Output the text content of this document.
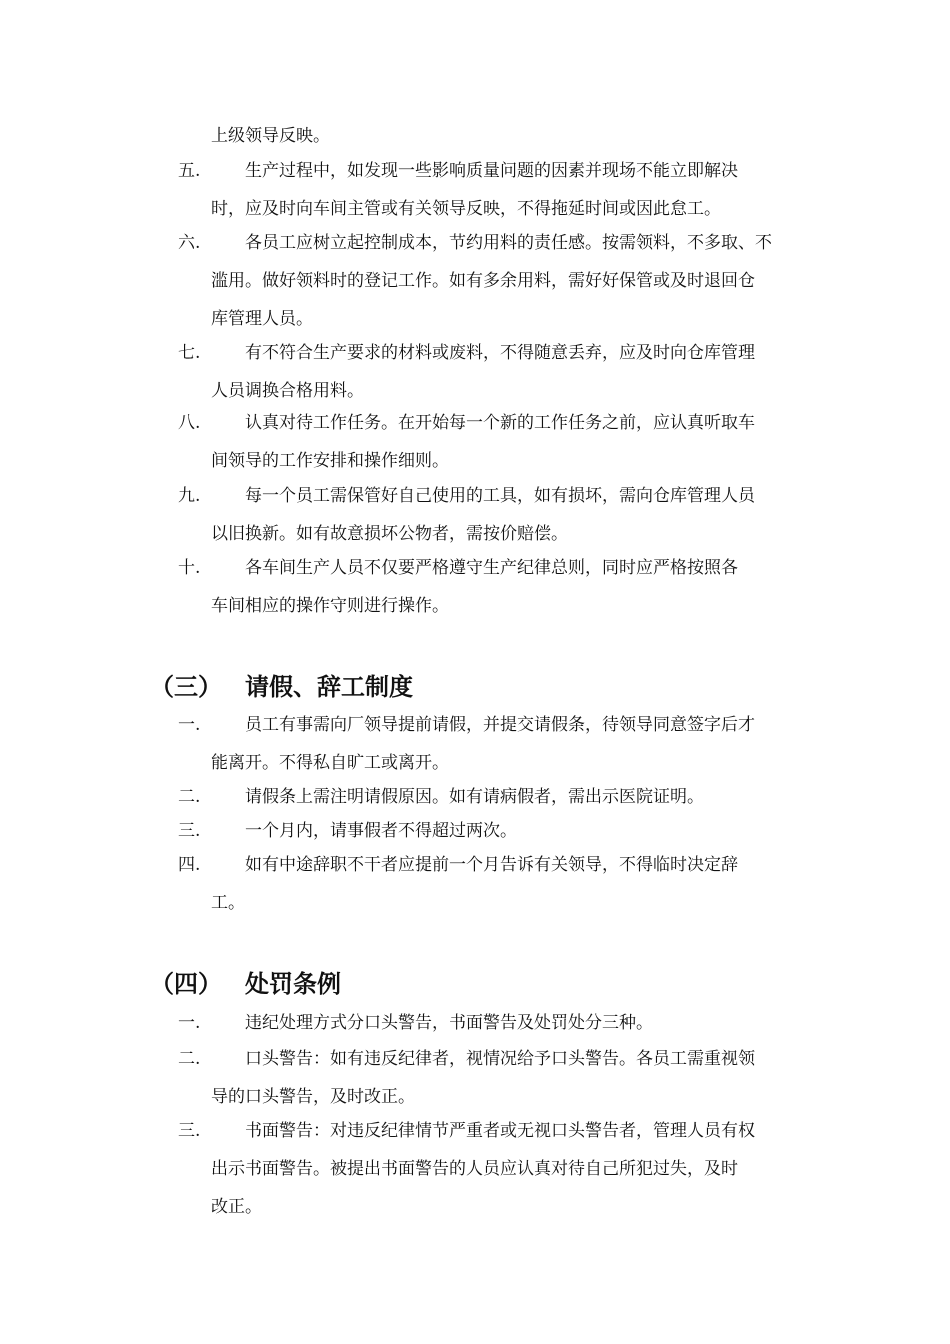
上级领导反映。
五.	生产过程中，如发现一些影响质量问题的因素并现场不能立即解决
时，应及时向车间主管或有关领导反映，不得拖延时间或因此怠工。
六.	各员工应树立起控制成本，节约用料的责任感。按需领料，不多取、不
滥用。做好领料时的登记工作。如有多余用料，需好好保管或及时退回仓
库管理人员。
七.	有不符合生产要求的材料或废料，不得随意丢弃，应及时向仓库管理
人员调换合格用料。
八.	认真对待工作任务。在开始每一个新的工作任务之前，应认真听取车
间领导的工作安排和操作细则。
九.	每一个员工需保管好自己使用的工具，如有损坏，需向仓库管理人员
以旧换新。如有故意损坏公物者，需按价赔偿。
十.	各车间生产人员不仅要严格遵守生产纪律总则，同时应严格按照各
车间相应的操作守则进行操作。
（三） 请假、辞工制度
一.	员工有事需向厂领导提前请假，并提交请假条，待领导同意签字后才
能离开。不得私自旷工或离开。
二.	请假条上需注明请假原因。如有请病假者，需出示医院证明。
三.	一个月内，请事假者不得超过两次。
四.	如有中途辞职不干者应提前一个月告诉有关领导，不得临时决定辞
工。
（四） 处罚条例
一.	违纪处理方式分口头警告，书面警告及处罚处分三种。
二.	口头警告：如有违反纪律者，视情况给予口头警告。各员工需重视领
导的口头警告，及时改正。
三.	书面警告：对违反纪律情节严重者或无视口头警告者，管理人员有权
出示书面警告。被提出书面警告的人员应认真对待自己所犯过失，及时
改正。
